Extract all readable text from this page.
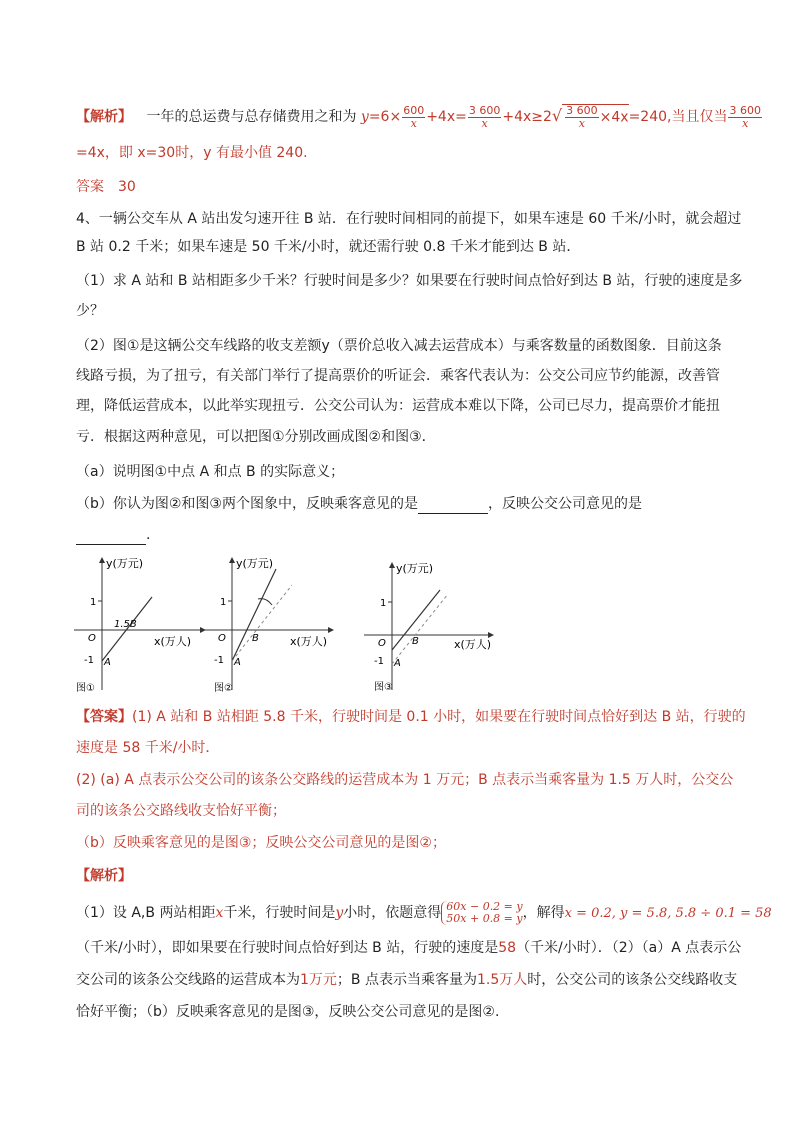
【解析】 一年的总运费与总存储费用之和为 $y=6\times \frac{600}{x} +4x= \frac{3 600}{x} +4x\ge 2√ \frac{3 600}{x} \times 4x=240$,当且仅当 $\frac{3 600}{x}$
=4x，即 x=30时，y 有最小值 240.
答案 30
4、一辆公交车从 A 站出发匀速开往 B 站．在行驶时间相同的前提下，如果车速是 60 千米/小时，就会超过
B 站 0.2 千米；如果车速是 50 千米/小时，就还需行驶 0.8 千米才能到达 B 站．
（1）求 A 站和 B 站相距多少千米？行驶时间是多少？如果要在行驶时间点恰好到达 B 站，行驶的速度是多
少？
（2）图①是这辆公交车线路的收支差额y（票价总收入减去运营成本）与乘客数量的函数图象．目前这条
线路亏损，为了扭亏，有关部门举行了提高票价的听证会．乘客代表认为：公交公司应节约能源，改善管
理，降低运营成本，以此举实现扭亏．公交公司认为：运营成本难以下降，公司已尽力，提高票价才能扭
亏．根据这两种意见，可以把图①分别改画成图②和图③．
（a）说明图①中点 A 和点 B 的实际意义；
（b）你认为图②和图③两个图象中，反映乘客意见的是	，反映公交公司意见的是
.
y(万元)
x(万人)
O
1
-1
1.5B
A
图①
y(万元)
x(万人)
O
1
-1
B
A
图②
y(万元)
x(万人)
O
1
-1
B
A
图③
【答案】(1) A 站和 B 站相距 5.8 千米，行驶时间是 0.1 小时，如果要在行驶时间点恰好到达 B 站，行驶的
速度是 58 千米/小时．
(2) (a) A 点表示公交公司的该条公交路线的运营成本为 1 万元；B 点表示当乘客量为 1.5 万人时，公交公
司的该条公交路线收支恰好平衡；
（b）反映乘客意见的是图③；反映公交公司意见的是图②；
【解析】
（1）设 A,B 两站相距x千米，行驶时间是y小时，依题意得 60x − 0.2 = y
50x + 0.8 = y ，解得x = 0.2, y = 5.8, 5.8 ÷ 0.1 = 58
（千米/小时），即如果要在行驶时间点恰好到达 B 站，行驶的速度是58（千米/小时）．（2）（a）A 点表示公
交公司的该条公交线路的运营成本为1万元；B 点表示当乘客量为1.5万人时，公交公司的该条公交线路收支
恰好平衡；（b）反映乘客意见的是图③，反映公交公司意见的是图②.
